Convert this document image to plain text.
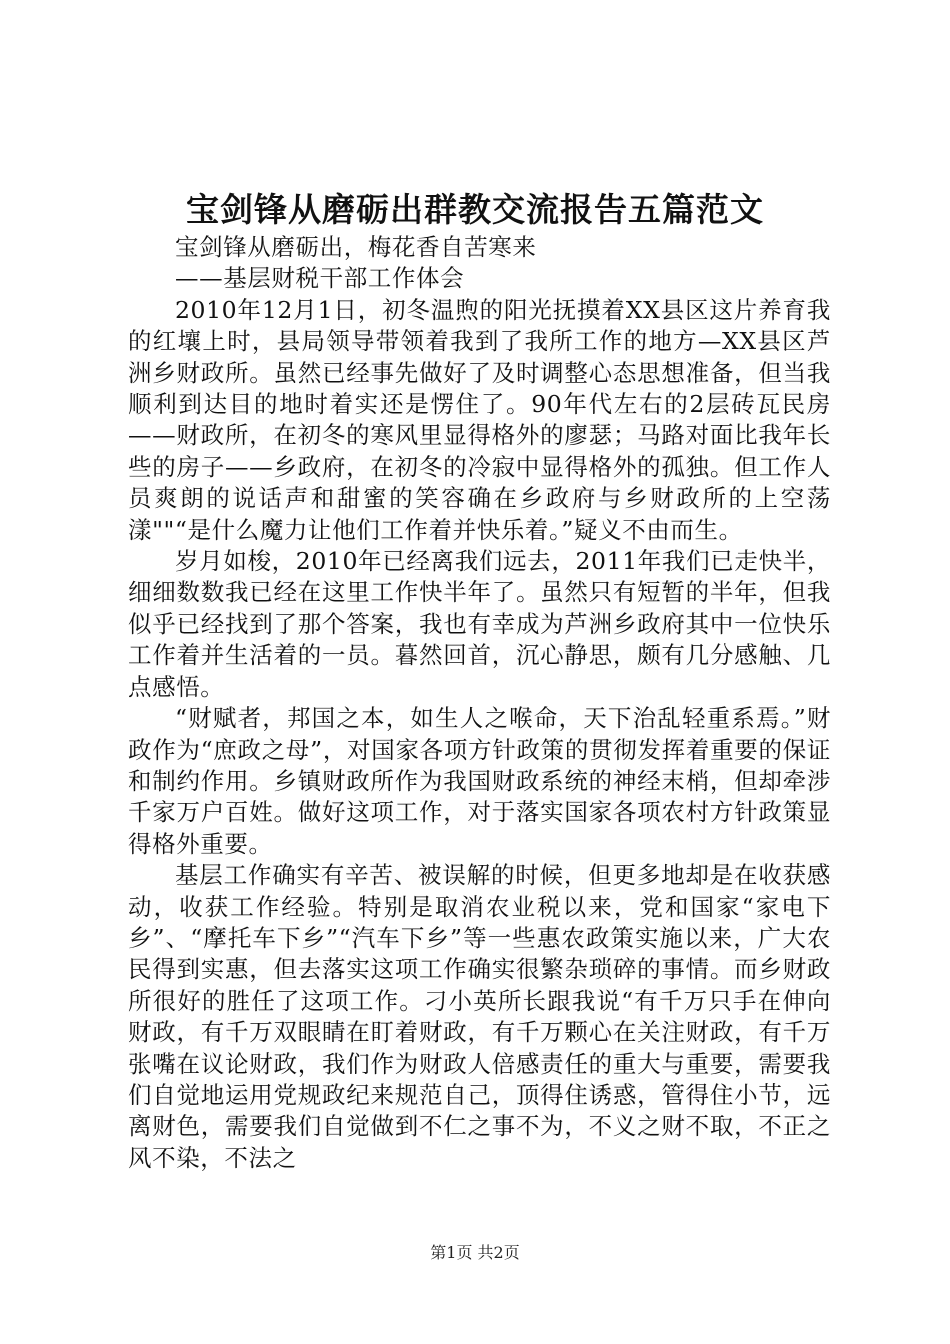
宝剑锋从磨砺出群教交流报告五篇范文

宝剑锋从磨砺出，梅花香自苦寒来

——基层财税干部工作体会

2010年12月1日，初冬温煦的阳光抚摸着XX县区这片养育我的红壤上时，县局领导带领着我到了我所工作的地方—XX县区芦洲乡财政所。虽然已经事先做好了及时调整心态思想准备，但当我顺利到达目的地时着实还是愣住了。90年代左右的2层砖瓦民房——财政所，在初冬的寒风里显得格外的廖瑟；马路对面比我年长些的房子——乡政府，在初冬的冷寂中显得格外的孤独。但工作人员爽朗的说话声和甜蜜的笑容确在乡政府与乡财政所的上空荡漾""“是什么魔力让他们工作着并快乐着。”疑义不由而生。

岁月如梭，2010年已经离我们远去，2011年我们已走快半，细细数数我已经在这里工作快半年了。虽然只有短暂的半年，但我似乎已经找到了那个答案，我也有幸成为芦洲乡政府其中一位快乐工作着并生活着的一员。暮然回首，沉心静思，颇有几分感触、几点感悟。

“财赋者，邦国之本，如生人之喉命，天下治乱轻重系焉。”财政作为“庶政之母”，对国家各项方针政策的贯彻发挥着重要的保证和制约作用。乡镇财政所作为我国财政系统的神经末梢，但却牵涉千家万户百姓。做好这项工作，对于落实国家各项农村方针政策显得格外重要。

基层工作确实有辛苦、被误解的时候，但更多地却是在收获感动，收获工作经验。特别是取消农业税以来，党和国家“家电下乡”、“摩托车下乡”“汽车下乡”等一些惠农政策实施以来，广大农民得到实惠，但去落实这项工作确实很繁杂琐碎的事情。而乡财政所很好的胜任了这项工作。刁小英所长跟我说“有千万只手在伸向财政，有千万双眼睛在盯着财政，有千万颗心在关注财政，有千万张嘴在议论财政，我们作为财政人倍感责任的重大与重要，需要我们自觉地运用党规政纪来规范自己，顶得住诱惑，管得住小节，远离财色，需要我们自觉做到不仁之事不为，不义之财不取，不正之风不染，不法之

第1页 共2页
